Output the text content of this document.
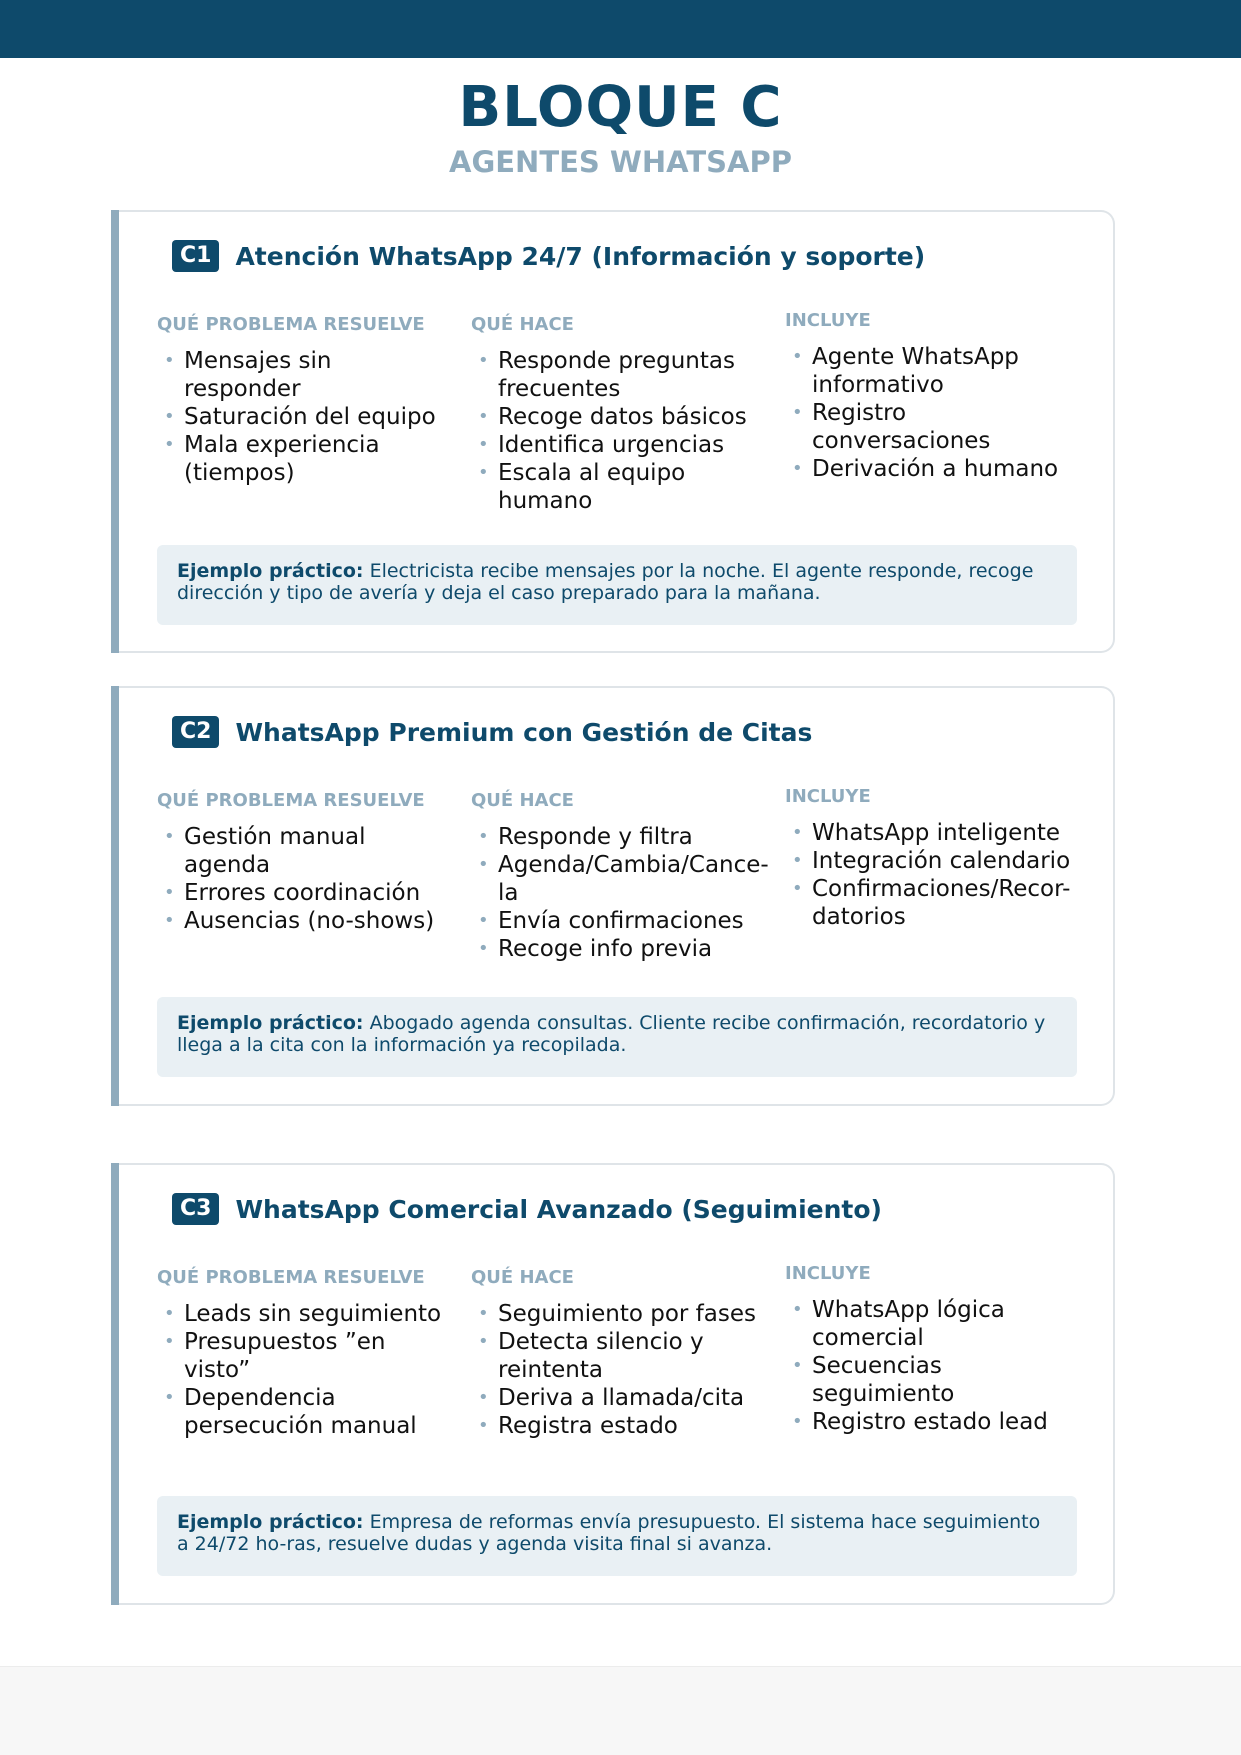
BLOQUE C
AGENTES WHATSAPP
C1 Atención WhatsApp 24/7 (Información y soporte)
QUÉ PROBLEMA RESUELVE
• Mensajes sin responder
• Saturación del equipo
• Mala experiencia (tiempos)
QUÉ HACE
• Responde preguntas frecuentes
• Recoge datos básicos
• Identifica urgencias
• Escala al equipo humano
INCLUYE
• Agente WhatsApp informativo
• Registro conversaciones
• Derivación a humano
Ejemplo práctico: Electricista recibe mensajes por la noche. El agente responde, recoge dirección y tipo de avería y deja el caso preparado para la mañana.
C2 WhatsApp Premium con Gestión de Citas
QUÉ PROBLEMA RESUELVE
• Gestión manual agenda
• Errores coordinación
• Ausencias (no-shows)
QUÉ HACE
• Responde y filtra
• Agenda/Cambia/Cance-la
• Envía confirmaciones
• Recoge info previa
INCLUYE
• WhatsApp inteligente
• Integración calendario
• Confirmaciones/Recor-datorios
Ejemplo práctico: Abogado agenda consultas. Cliente recibe confirmación, recordatorio y llega a la cita con la información ya recopilada.
C3 WhatsApp Comercial Avanzado (Seguimiento)
QUÉ PROBLEMA RESUELVE
• Leads sin seguimiento
• Presupuestos ”en visto”
• Dependencia persecución manual
QUÉ HACE
• Seguimiento por fases
• Detecta silencio y reintenta
• Deriva a llamada/cita
• Registra estado
INCLUYE
• WhatsApp lógica comercial
• Secuencias seguimiento
• Registro estado lead
Ejemplo práctico: Empresa de reformas envía presupuesto. El sistema hace seguimiento a 24/72 ho-ras, resuelve dudas y agenda visita final si avanza.
